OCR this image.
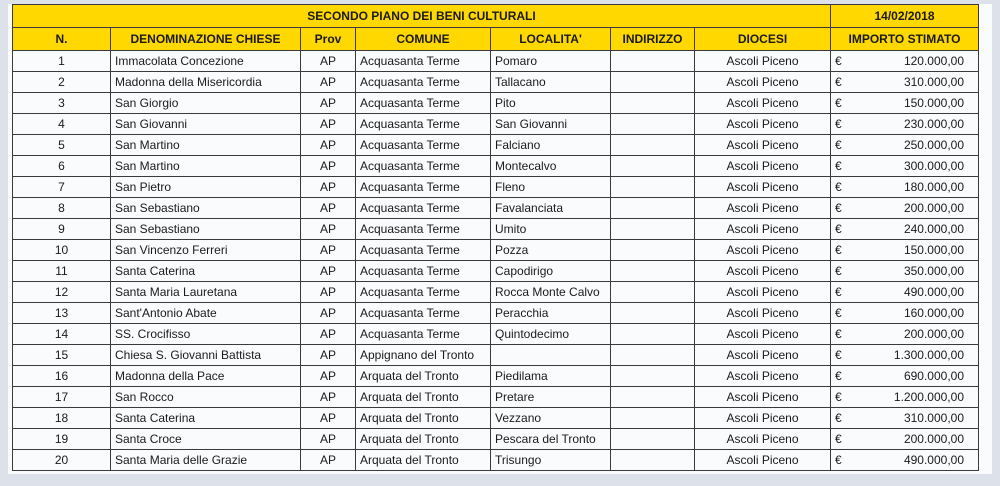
SECONDO PIANO DEI BENI CULTURALI							14/02/2018	
N.	DENOMINAZIONE CHIESE	Prov	COMUNE	LOCALITA'	INDIRIZZO	DIOCESI	IMPORTO STIMATO	
1	Immacolata Concezione	AP	Acquasanta Terme	Pomaro		Ascoli Piceno	€	120.000,00
2	Madonna della Misericordia	AP	Acquasanta Terme	Tallacano		Ascoli Piceno	€	310.000,00
3	San Giorgio	AP	Acquasanta Terme	Pito		Ascoli Piceno	€	150.000,00
4	San Giovanni	AP	Acquasanta Terme	San Giovanni		Ascoli Piceno	€	230.000,00
5	San Martino	AP	Acquasanta Terme	Falciano		Ascoli Piceno	€	250.000,00
6	San Martino	AP	Acquasanta Terme	Montecalvo		Ascoli Piceno	€	300.000,00
7	San Pietro	AP	Acquasanta Terme	Fleno		Ascoli Piceno	€	180.000,00
8	San Sebastiano	AP	Acquasanta Terme	Favalanciata		Ascoli Piceno	€	200.000,00
9	San Sebastiano	AP	Acquasanta Terme	Umito		Ascoli Piceno	€	240.000,00
10	San Vincenzo Ferreri	AP	Acquasanta Terme	Pozza		Ascoli Piceno	€	150.000,00
11	Santa Caterina	AP	Acquasanta Terme	Capodirigo		Ascoli Piceno	€	350.000,00
12	Santa Maria Lauretana	AP	Acquasanta Terme	Rocca Monte Calvo		Ascoli Piceno	€	490.000,00
13	Sant'Antonio Abate	AP	Acquasanta Terme	Peracchia		Ascoli Piceno	€	160.000,00
14	SS. Crocifisso	AP	Acquasanta Terme	Quintodecimo		Ascoli Piceno	€	200.000,00
15	Chiesa S. Giovanni Battista	AP	Appignano del Tronto			Ascoli Piceno	€	1.300.000,00
16	Madonna della Pace	AP	Arquata del Tronto	Piedilama		Ascoli Piceno	€	690.000,00
17	San Rocco	AP	Arquata del Tronto	Pretare		Ascoli Piceno	€	1.200.000,00
18	Santa Caterina	AP	Arquata del Tronto	Vezzano		Ascoli Piceno	€	310.000,00
19	Santa Croce	AP	Arquata del Tronto	Pescara del Tronto		Ascoli Piceno	€	200.000,00
20	Santa Maria delle Grazie	AP	Arquata del Tronto	Trisungo		Ascoli Piceno	€	490.000,00
